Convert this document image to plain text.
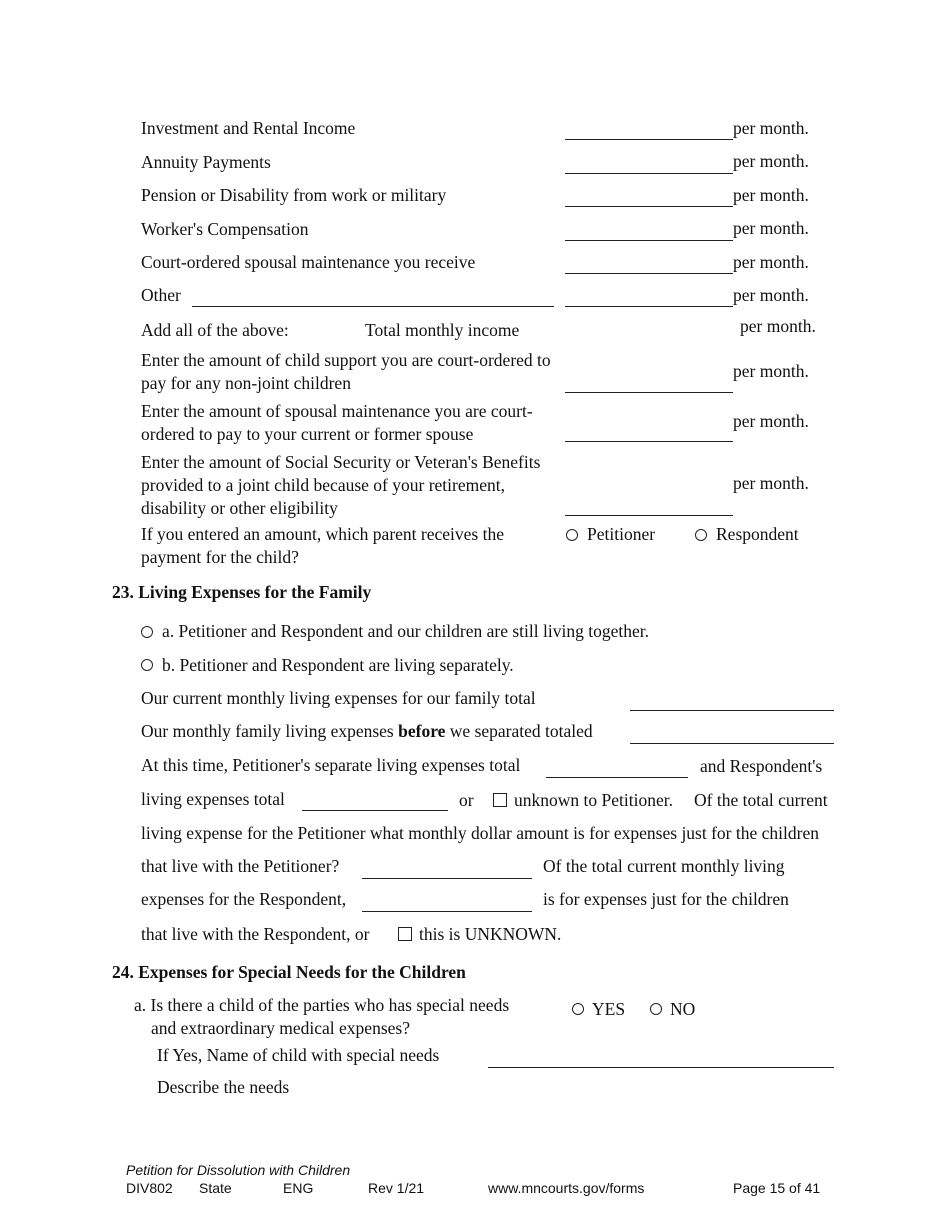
Investment and Rental Income	per month.
Annuity Payments	per month.
Pension or Disability from work or military	per month.
Worker's Compensation	per month.
Court-ordered spousal maintenance you receive	per month.
Other	per month.
Add all of the above:	Total monthly income	per month.
Enter the amount of child support you are court-ordered to pay for any non-joint children
per month.
Enter the amount of spousal maintenance you are court-ordered to pay to your current or former spouse
per month.
Enter the amount of Social Security or Veteran's Benefits provided to a joint child because of your retirement, disability or other eligibility
per month.
If you entered an amount, which parent receives the payment for the child?
Petitioner	Respondent
23. Living Expenses for the Family
a. Petitioner and Respondent and our children are still living together.
b. Petitioner and Respondent are living separately.
Our current monthly living expenses for our family total
Our monthly family living expenses before we separated totaled
At this time, Petitioner's separate living expenses total	and Respondent's
living expenses total	or unknown to Petitioner. Of the total current
living expense for the Petitioner what monthly dollar amount is for expenses just for the children
that live with the Petitioner?	Of the total current monthly living
expenses for the Respondent,	is for expenses just for the children
that live with the Respondent, or	this is UNKNOWN.
24. Expenses for Special Needs for the Children
a. Is there a child of the parties who has special needs
and extraordinary medical expenses?
YES	NO
If Yes, Name of child with special needs
Describe the needs
Petition for Dissolution with Children
DIV802 State	ENG	Rev 1/21	www.mncourts.gov/forms	Page 15 of 41
